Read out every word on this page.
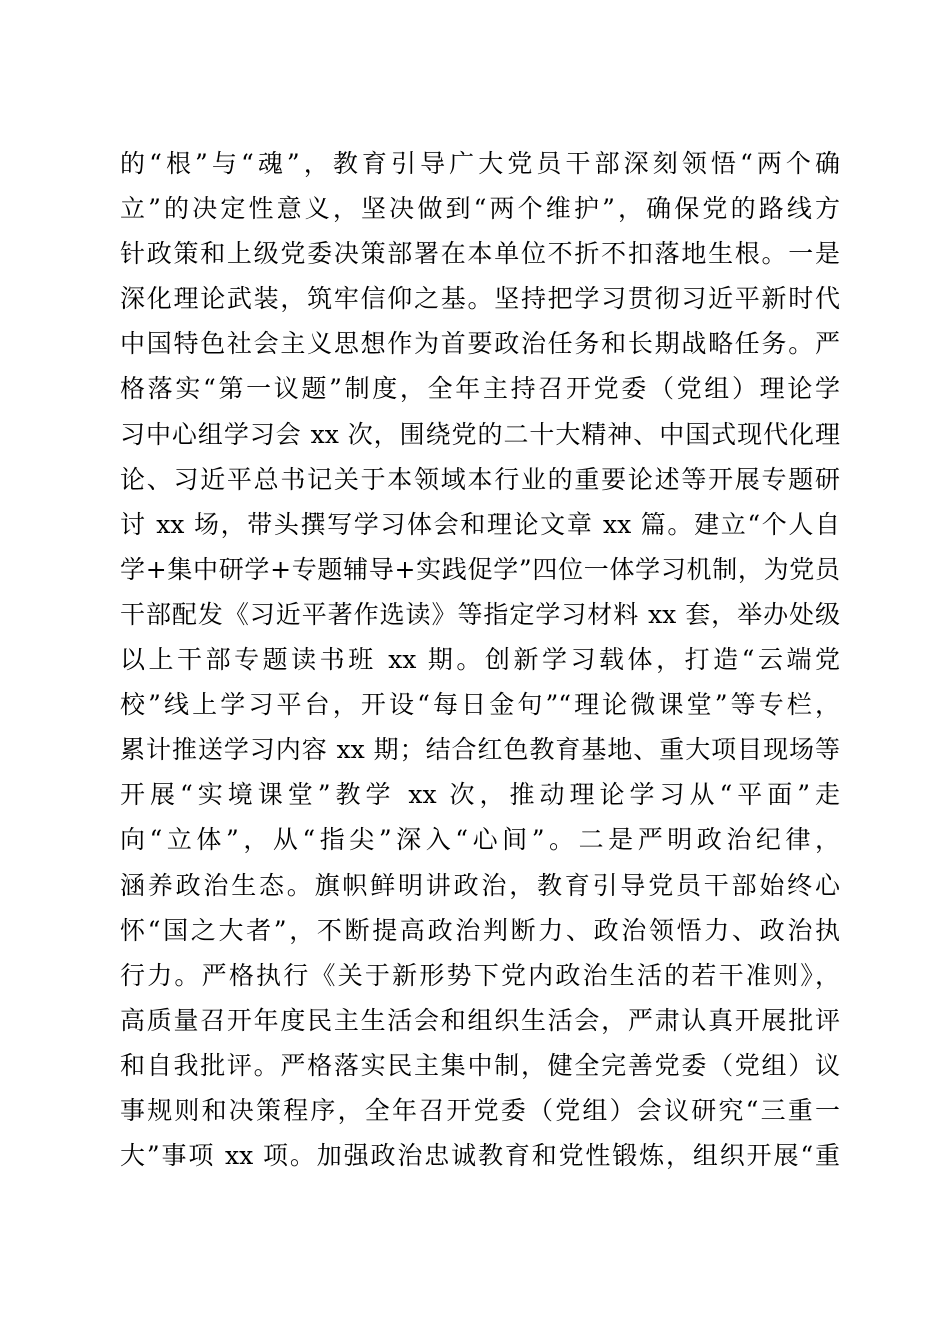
的“根”与“魂”，教育引导广大党员干部深刻领悟“两个确
立”的决定性意义，坚决做到“两个维护”，确保党的路线方
针政策和上级党委决策部署在本单位不折不扣落地生根。一是
深化理论武装，筑牢信仰之基。坚持把学习贯彻习近平新时代
中国特色社会主义思想作为首要政治任务和长期战略任务。严
格落实“第一议题”制度，全年主持召开党委（党组）理论学
习中心组学习会 xx 次，围绕党的二十大精神、中国式现代化理
论、习近平总书记关于本领域本行业的重要论述等开展专题研
讨 xx 场，带头撰写学习体会和理论文章 xx 篇。建立“个人自
学+集中研学+专题辅导+实践促学”四位一体学习机制，为党员
干部配发《习近平著作选读》等指定学习材料 xx 套，举办处级
以上干部专题读书班 xx 期。创新学习载体，打造“云端党
校”线上学习平台，开设“每日金句”“理论微课堂”等专栏，
累计推送学习内容 xx 期；结合红色教育基地、重大项目现场等
开展“实境课堂”教学 xx 次，推动理论学习从“平面”走
向“立体”，从“指尖”深入“心间”。二是严明政治纪律，
涵养政治生态。旗帜鲜明讲政治，教育引导党员干部始终心
怀“国之大者”，不断提高政治判断力、政治领悟力、政治执
行力。严格执行《关于新形势下党内政治生活的若干准则》，
高质量召开年度民主生活会和组织生活会，严肃认真开展批评
和自我批评。严格落实民主集中制，健全完善党委（党组）议
事规则和决策程序，全年召开党委（党组）会议研究“三重一
大”事项 xx 项。加强政治忠诚教育和党性锻炼，组织开展“重
